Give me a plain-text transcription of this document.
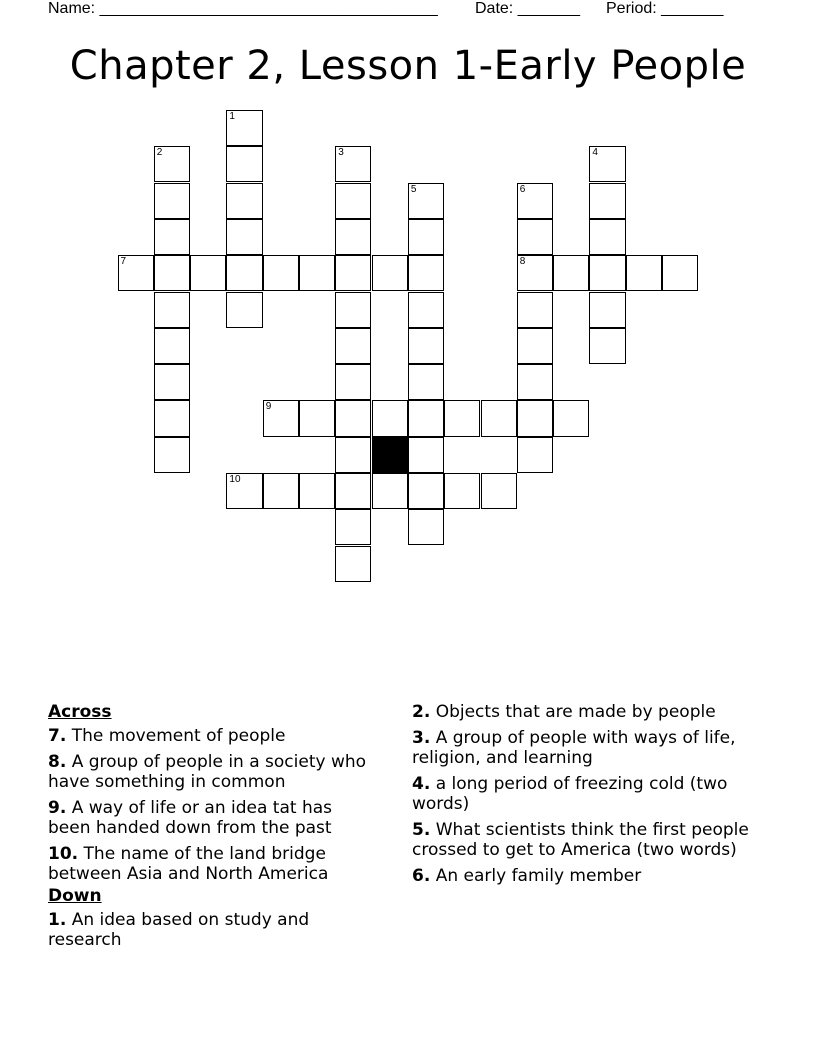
Name: ______________________________________ Date: _______ Period: _______
Chapter 2, Lesson 1-Early People
1
2	3	4
5	6
7	8
9
10
Across
7. The movement of people
8. A group of people in a society who have something in common
9. A way of life or an idea tat has been handed down from the past
10. The name of the land bridge between Asia and North America
Down
1. An idea based on study and research
2. Objects that are made by people
3. A group of people with ways of life, religion, and learning
4. a long period of freezing cold (two words)
5. What scientists think the first people crossed to get to America (two words)
6. An early family member
